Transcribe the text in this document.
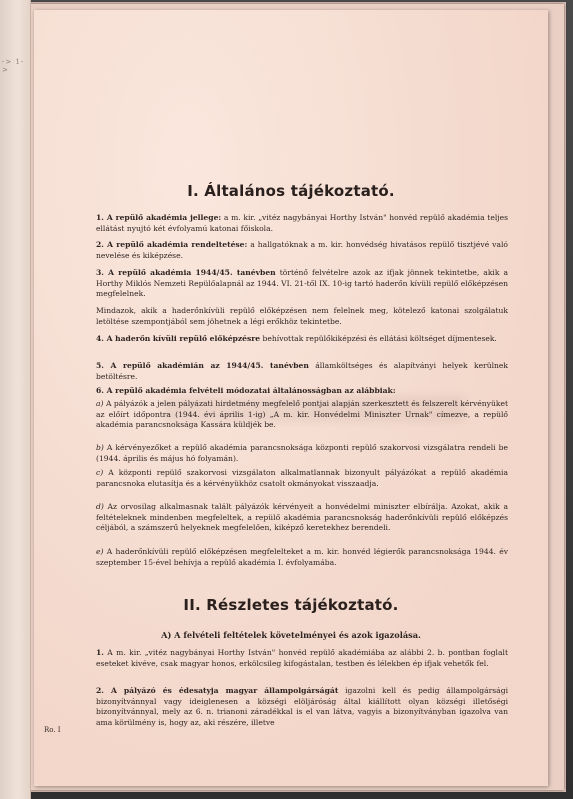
-> 1->
I. Általános tájékoztató.
1. A repülő akadémia jellege: a m. kir. „vitéz nagybányai Horthy István" honvéd repülő akadémia teljes ellátást nyujtó két évfolyamú katonai főiskola.
2. A repülő akadémia rendeltetése: a hallgatóknak a m. kir. honvédség hivatásos repülő tisztjévé való nevelése és kiképzése.
3. A repülő akadémia 1944/45. tanévben történő felvételre azok az ifjak jönnek tekintetbe, akik a Horthy Miklós Nemzeti Repülőalapnál az 1944. VI. 21-től IX. 10-ig tartó haderőn kívüli repülő előképzésen megfelelnek.
Mindazok, akik a haderőnkívüli repülő előképzésen nem felelnek meg, kötelező katonai szolgálatuk letöltése szempontjából sem jöhetnek a légi erőkhöz tekintetbe.
4. A haderőn kívüli repülő előképzésre behívottak repülőkiképzési és ellátási költséget díjmentesek.
5. A repülő akadémián az 1944/45. tanévben államköltséges és alapítványi helyek kerülnek betöltésre.
6. A repülő akadémia felvételi módozatai általánosságban az alábbiak:
a) A pályázók a jelen pályázati hirdetmény megfelelő pontjai alapján szerkesztett és felszerelt kérvényüket az előírt időpontra (1944. évi április 1-ig) „A m. kir. Honvédelmi Miniszter Urnak" címezve, a repülő akadémia parancsnoksága Kassára küldjék be.
b) A kérvényezőket a repülő akadémia parancsnoksága központi repülő szakorvosi vizsgálatra rendeli be (1944. április és május hó folyamán).
c) A központi repülő szakorvosi vizsgálaton alkalmatlannak bizonyult pályázókat a repülő akadémia parancsnoka elutasítja és a kérvényükhöz csatolt okmányokat visszaadja.
d) Az orvosilag alkalmasnak talált pályázók kérvényeit a honvédelmi miniszter elbírálja. Azokat, akik a feltételeknek mindenben megfeleltek, a repülő akadémia parancsnokság haderőnkívüli repülő előképzés céljából, a számszerű helyeknek megfelelően, kiképző keretekhez berendeli.
e) A haderőnkívüli repülő előképzésen megfelelteket a m. kir. honvéd légierők parancsnoksága 1944. év szeptember 15-ével behívja a repülő akadémia I. évfolyamába.
II. Részletes tájékoztató.
A) A felvételi feltételek követelményei és azok igazolása.
1. A m. kir. „vitéz nagybányai Horthy István" honvéd repülő akadémiába az alábbi 2. b. pontban foglalt eseteket kivéve, csak magyar honos, erkölcsileg kifogástalan, testben és lélekben ép ifjak vehetők fel.
2. A pályázó és édesatyja magyar állampolgárságát igazolni kell és pedig állampolgársági bizonyítvánnyal vagy ideiglenesen a községi elöljáróság által kiállított olyan községi illetőségi bizonyítvánnyal, mely az 6. n. trianoni záradékkal is el van látva, vagyis a bizonyítványban igazolva van ama körülmény is, hogy az, aki részére, illetve
Ro. I
